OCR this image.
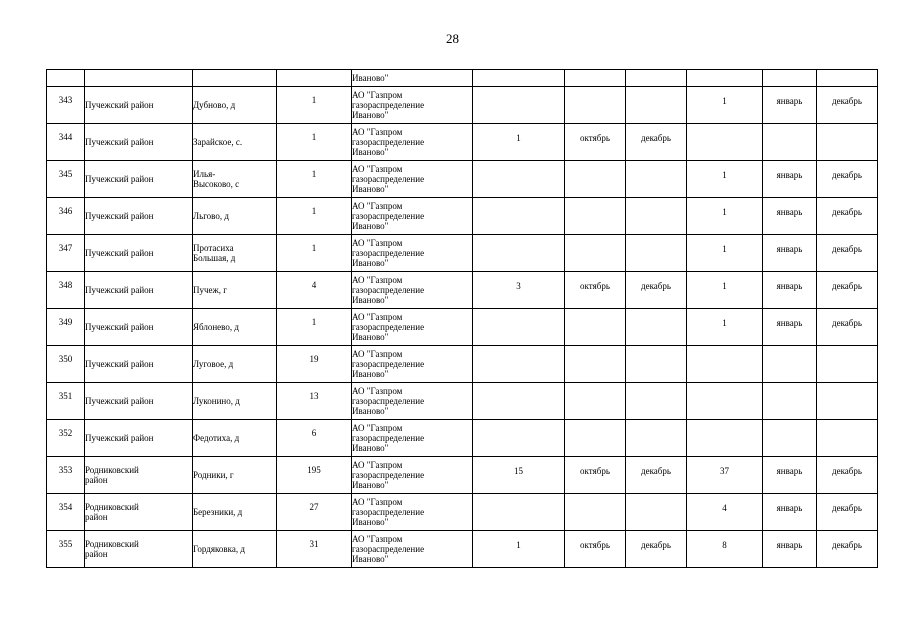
28
				Иваново"						
343	Пучежский район	Дубново, д	1	АО "Газпром
газораспределение
Иваново"				1	январь	декабрь
344	Пучежский район	Зарайское, с.	1	АО "Газпром
газораспределение
Иваново"	1	октябрь	декабрь			
345	Пучежский район	Илья-
Высоково, с	1	АО "Газпром
газораспределение
Иваново"				1	январь	декабрь
346	Пучежский район	Льгово, д	1	АО "Газпром
газораспределение
Иваново"				1	январь	декабрь
347	Пучежский район	Протасиха
Большая, д	1	АО "Газпром
газораспределение
Иваново"				1	январь	декабрь
348	Пучежский район	Пучеж, г	4	АО "Газпром
газораспределение
Иваново"	3	октябрь	декабрь	1	январь	декабрь
349	Пучежский район	Яблонево, д	1	АО "Газпром
газораспределение
Иваново"				1	январь	декабрь
350	Пучежский район	Луговое, д	19	АО "Газпром
газораспределение
Иваново"						

351	Пучежский район	Луконино, д	13	АО "Газпром
газораспределение
Иваново"						

352	Пучежский район	Федотиха, д	6	АО "Газпром
газораспределение
Иваново"						

353	Родниковский
район	Родники, г	195	АО "Газпром
газораспределение
Иваново"	15	октябрь	декабрь	37	январь	декабрь
354	Родниковский
район	Березники, д	27	АО "Газпром
газораспределение
Иваново"				4	январь	декабрь
355	Родниковский
район	Гордяковка, д	31	АО "Газпром
газораспределение
Иваново"	1	октябрь	декабрь	8	январь	декабрь
